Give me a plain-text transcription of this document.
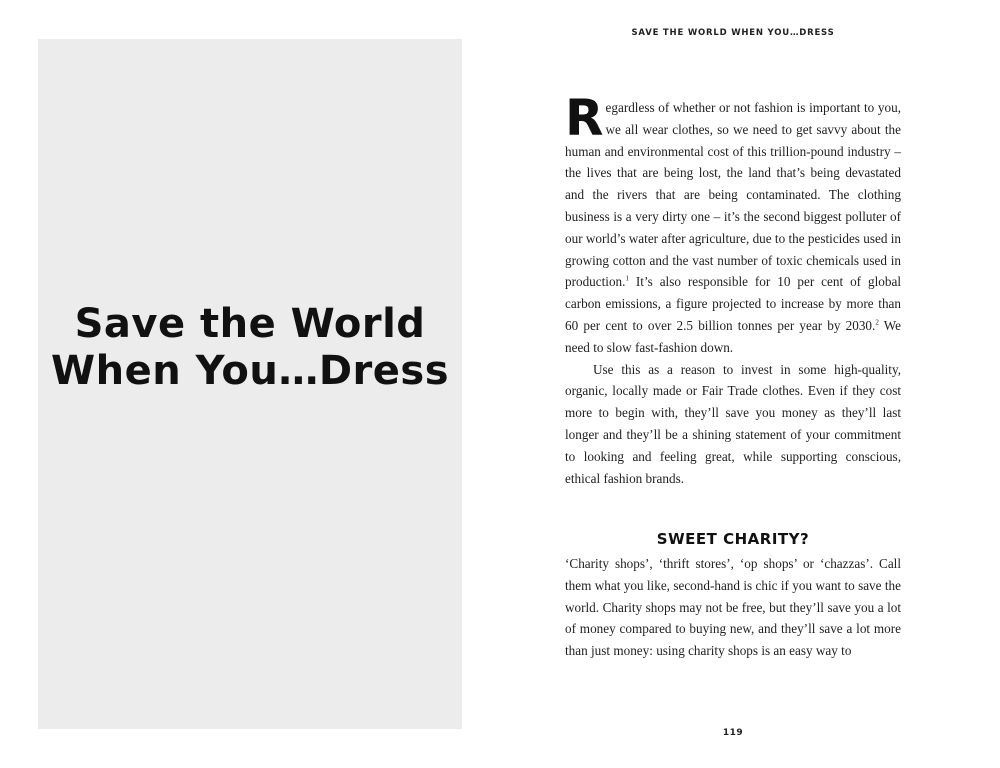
Save the World
When You…Dress
SAVE THE WORLD WHEN YOU…DRESS

Regardless of whether or not fashion is important to you, we all wear clothes, so we need to get savvy about the human and environmental cost of this trillion-pound industry – the lives that are being lost, the land that’s being devastated and the rivers that are being contaminated. The clothing business is a very dirty one – it’s the second biggest polluter of our world’s water after agriculture, due to the pesticides used in growing cotton and the vast number of toxic chemicals used in production.$^1$ It’s also responsible for 10 per cent of global carbon emissions, a figure projected to increase by more than 60 per cent to over 2.5 billion tonnes per year by 2030.$^2$ We need to slow fast-fashion down.

Use this as a reason to invest in some high-quality, organic, locally made or Fair Trade clothes. Even if they cost more to begin with, they’ll save you money as they’ll last longer and they’ll be a shining statement of your commitment to looking and feeling great, while supporting conscious, ethical fashion brands.

SWEET CHARITY?

‘Charity shops’, ‘thrift stores’, ‘op shops’ or ‘chazzas’. Call them what you like, second-hand is chic if you want to save the world. Charity shops may not be free, but they’ll save you a lot of money compared to buying new, and they’ll save a lot more than just money: using charity shops is an easy way to

119
